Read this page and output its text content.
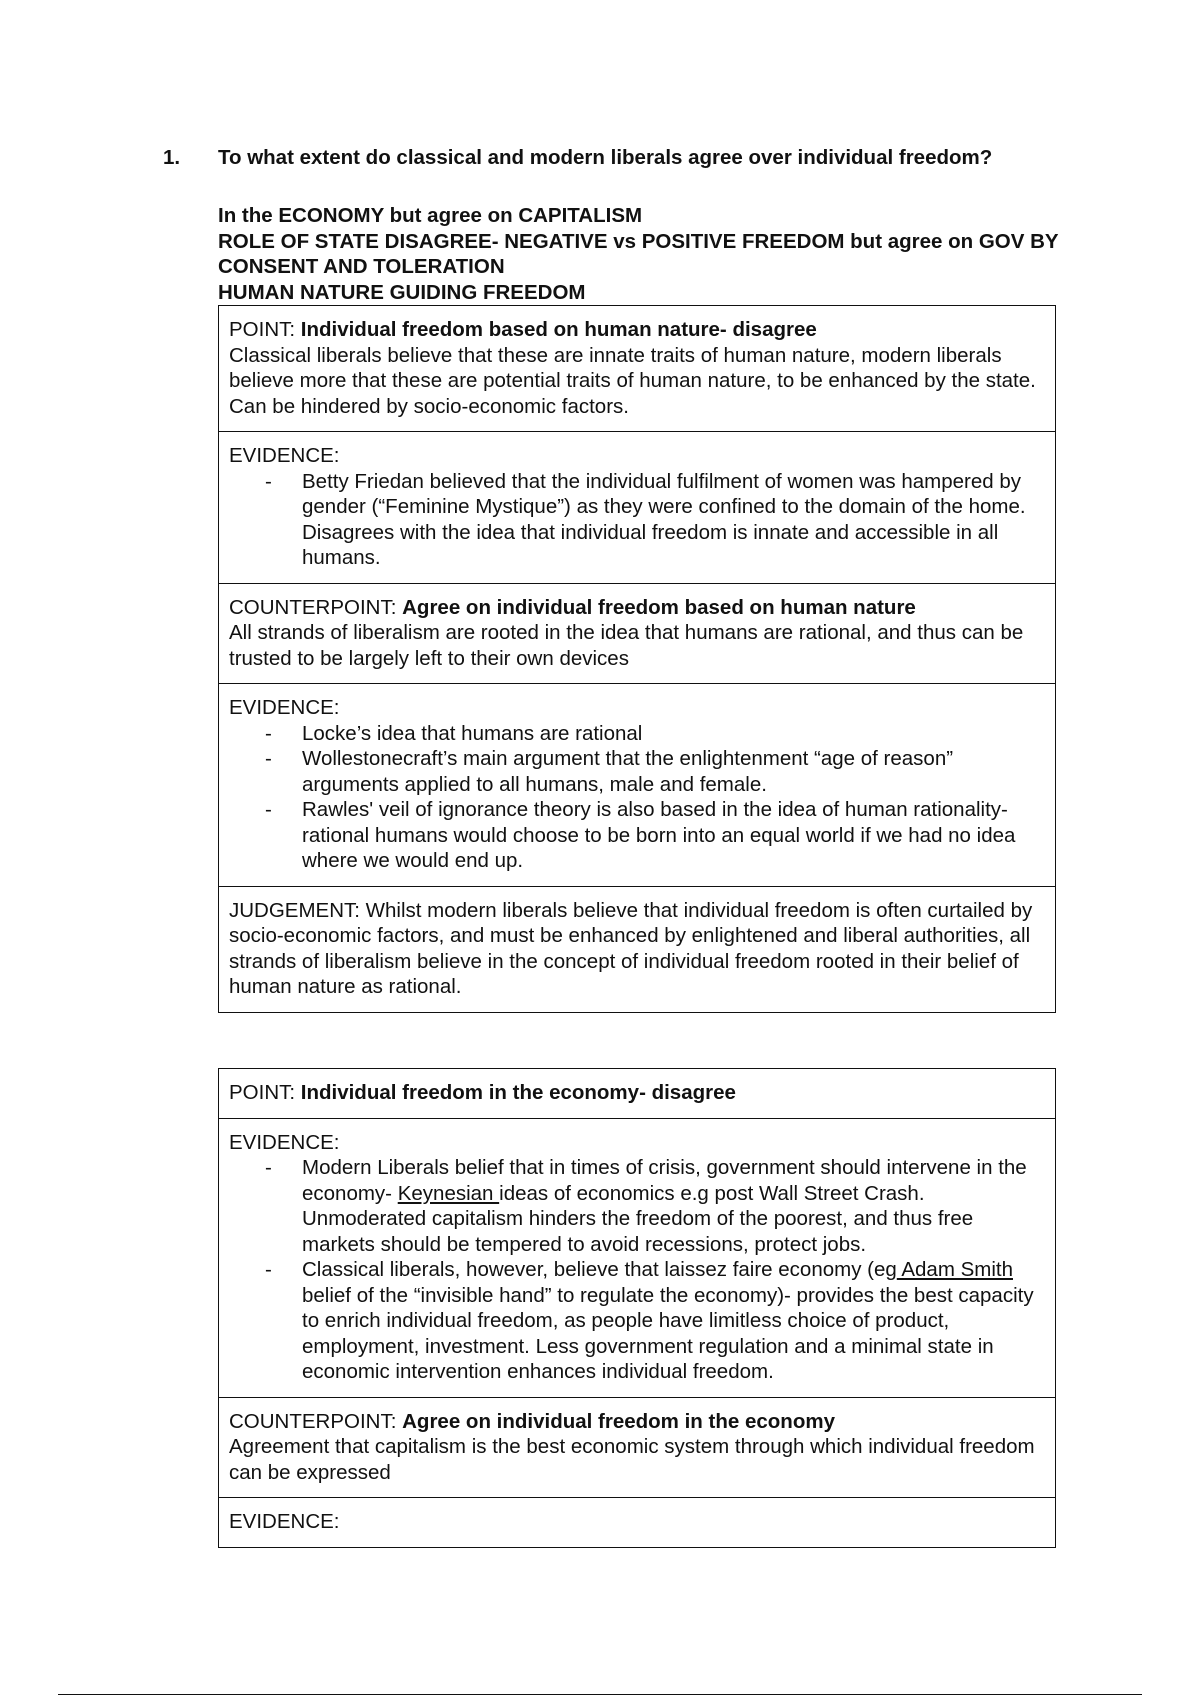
1. To what extent do classical and modern liberals agree over individual freedom?
In the ECONOMY but agree on CAPITALISM
ROLE OF STATE DISAGREE- NEGATIVE vs POSITIVE FREEDOM but agree on GOV BY CONSENT AND TOLERATION
HUMAN NATURE GUIDING FREEDOM
POINT: Individual freedom based on human nature- disagree
Classical liberals believe that these are innate traits of human nature, modern liberals believe more that these are potential traits of human nature, to be enhanced by the state. Can be hindered by socio-economic factors.
EVIDENCE:
- Betty Friedan believed that the individual fulfilment of women was hampered by gender (“Feminine Mystique”) as they were confined to the domain of the home. Disagrees with the idea that individual freedom is innate and accessible in all humans.
COUNTERPOINT: Agree on individual freedom based on human nature
All strands of liberalism are rooted in the idea that humans are rational, and thus can be trusted to be largely left to their own devices
EVIDENCE:
- Locke’s idea that humans are rational
- Wollestonecraft’s main argument that the enlightenment “age of reason” arguments applied to all humans, male and female.
- Rawles' veil of ignorance theory is also based in the idea of human rationality- rational humans would choose to be born into an equal world if we had no idea where we would end up.
JUDGEMENT: Whilst modern liberals believe that individual freedom is often curtailed by socio-economic factors, and must be enhanced by enlightened and liberal authorities, all strands of liberalism believe in the concept of individual freedom rooted in their belief of human nature as rational.
POINT: Individual freedom in the economy- disagree
EVIDENCE:
- Modern Liberals belief that in times of crisis, government should intervene in the economy- Keynesian ideas of economics e.g post Wall Street Crash. Unmoderated capitalism hinders the freedom of the poorest, and thus free markets should be tempered to avoid recessions, protect jobs.
- Classical liberals, however, believe that laissez faire economy (eg Adam Smith belief of the “invisible hand” to regulate the economy)- provides the best capacity to enrich individual freedom, as people have limitless choice of product, employment, investment. Less government regulation and a minimal state in economic intervention enhances individual freedom.
COUNTERPOINT: Agree on individual freedom in the economy
Agreement that capitalism is the best economic system through which individual freedom can be expressed
EVIDENCE:
